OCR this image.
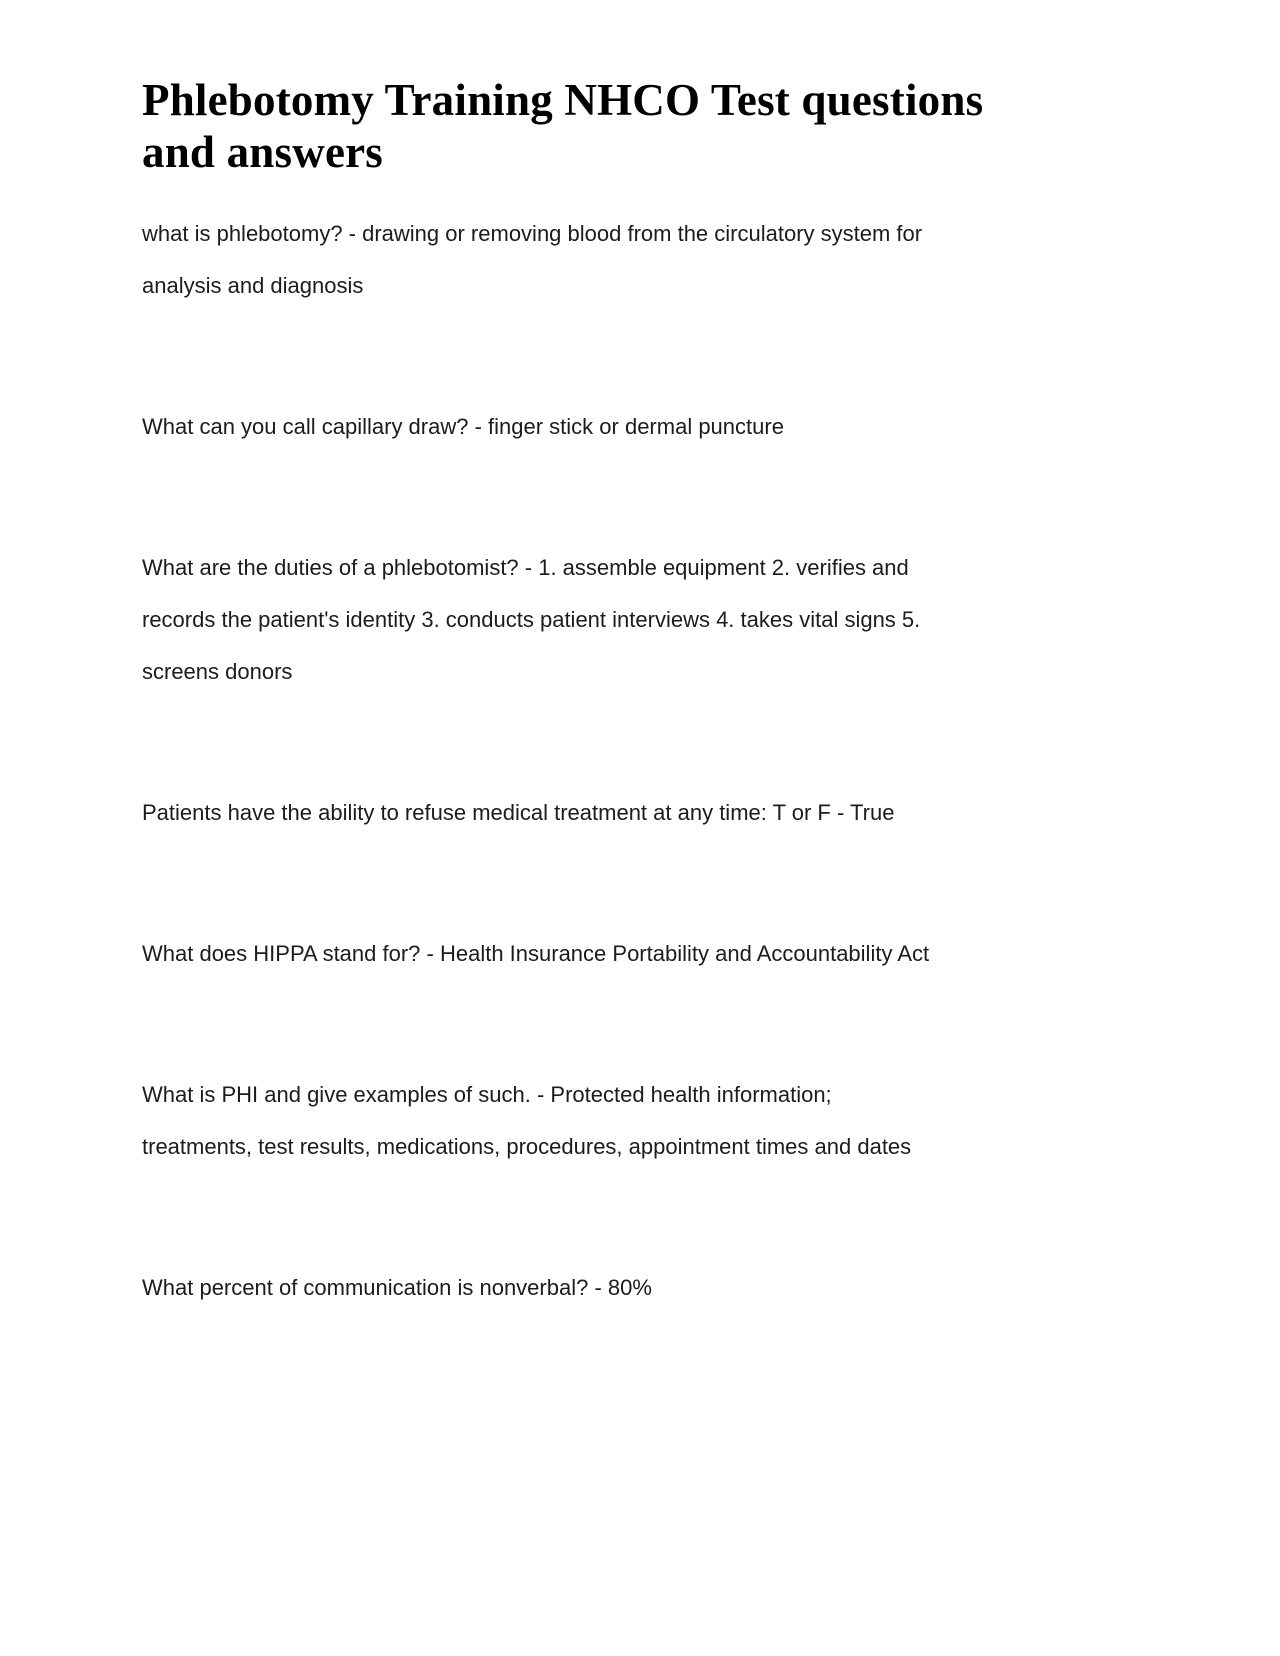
Phlebotomy Training NHCO Test questions
and answers

what is phlebotomy? - drawing or removing blood from the circulatory system for
analysis and diagnosis

What can you call capillary draw? - finger stick or dermal puncture

What are the duties of a phlebotomist? - 1. assemble equipment 2. verifies and
records the patient's identity 3. conducts patient interviews 4. takes vital signs 5.
screens donors

Patients have the ability to refuse medical treatment at any time: T or F - True

What does HIPPA stand for? - Health Insurance Portability and Accountability Act

What is PHI and give examples of such. - Protected health information;
treatments, test results, medications, procedures, appointment times and dates

What percent of communication is nonverbal? - 80%
